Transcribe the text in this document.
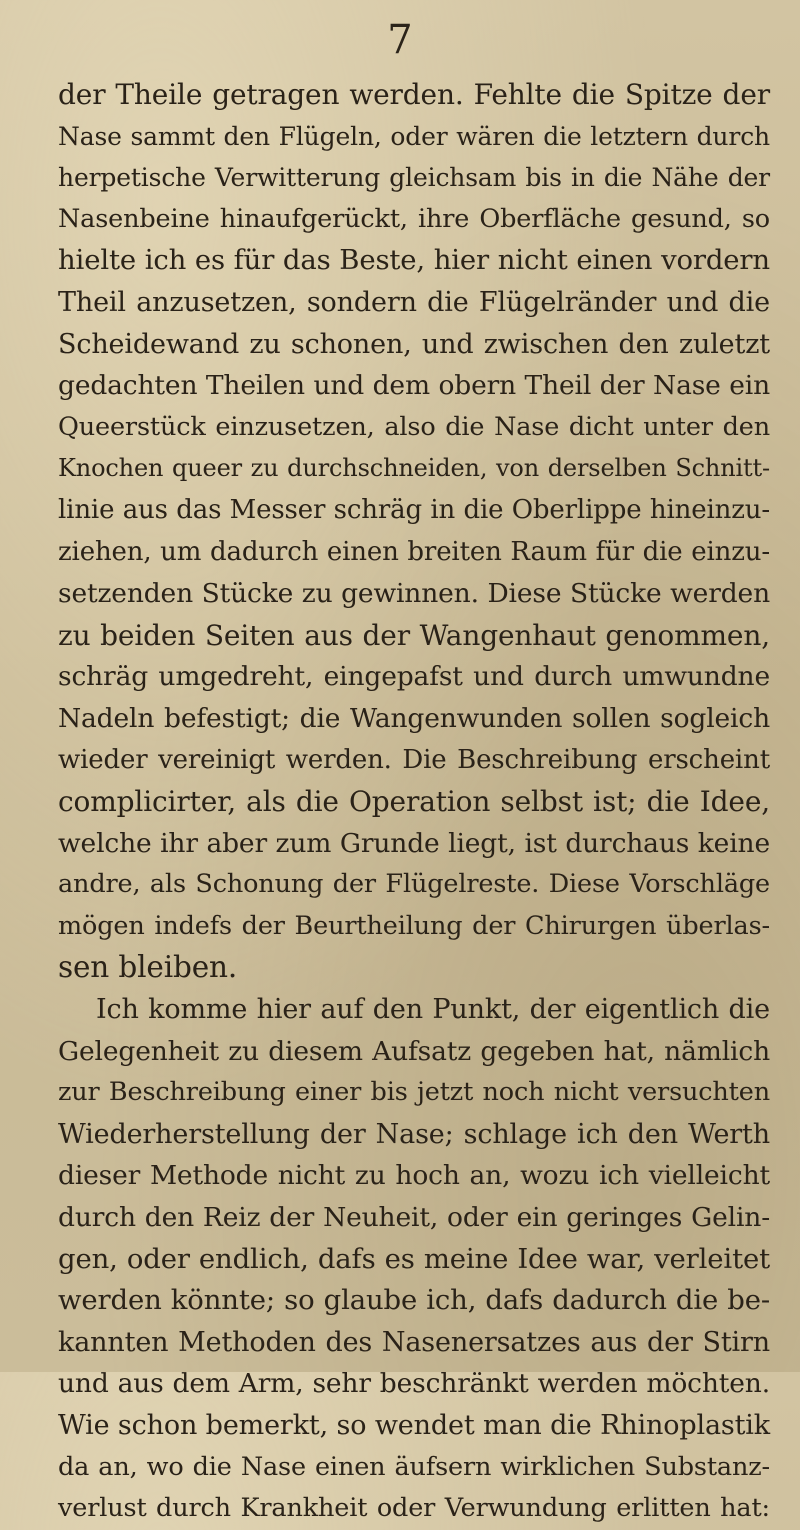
7
der Theile getragen werden. Fehlte die Spitze der
Nase sammt den Flügeln, oder wären die letztern durch
herpetische Verwitterung gleichsam bis in die Nähe der
Nasenbeine hinaufgerückt, ihre Oberfläche gesund, so
hielte ich es für das Beste, hier nicht einen vordern
Theil anzusetzen, sondern die Flügelränder und die
Scheidewand zu schonen, und zwischen den zuletzt
gedachten Theilen und dem obern Theil der Nase ein
Queerstück einzusetzen, also die Nase dicht unter den
Knochen queer zu durchschneiden, von derselben Schnitt-
linie aus das Messer schräg in die Oberlippe hineinzu-
ziehen, um dadurch einen breiten Raum für die einzu-
setzenden Stücke zu gewinnen. Diese Stücke werden
zu beiden Seiten aus der Wangenhaut genommen,
schräg umgedreht, eingepafst und durch umwundne
Nadeln befestigt; die Wangenwunden sollen sogleich
wieder vereinigt werden. Die Beschreibung erscheint
complicirter, als die Operation selbst ist; die Idee,
welche ihr aber zum Grunde liegt, ist durchaus keine
andre, als Schonung der Flügelreste. Diese Vorschläge
mögen indefs der Beurtheilung der Chirurgen überlas-
sen bleiben.
Ich komme hier auf den Punkt, der eigentlich die
Gelegenheit zu diesem Aufsatz gegeben hat, nämlich
zur Beschreibung einer bis jetzt noch nicht versuchten
Wiederherstellung der Nase; schlage ich den Werth
dieser Methode nicht zu hoch an, wozu ich vielleicht
durch den Reiz der Neuheit, oder ein geringes Gelin-
gen, oder endlich, dafs es meine Idee war, verleitet
werden könnte; so glaube ich, dafs dadurch die be-
kannten Methoden des Nasenersatzes aus der Stirn
und aus dem Arm, sehr beschränkt werden möchten.
Wie schon bemerkt, so wendet man die Rhinoplastik
da an, wo die Nase einen äufsern wirklichen Substanz-
verlust durch Krankheit oder Verwundung erlitten hat:
